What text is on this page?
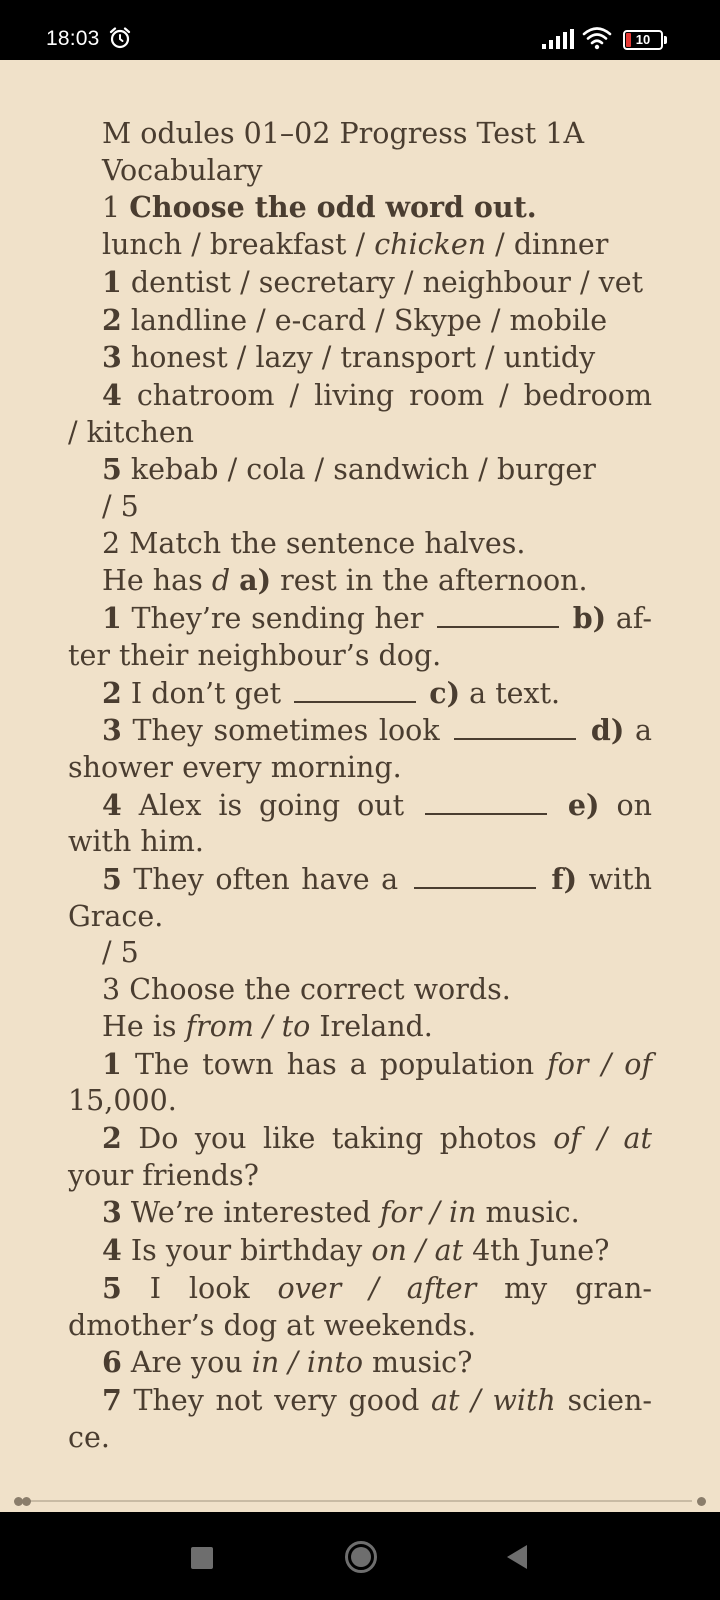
18:03	10
M odules 01–02 Progress Test 1A
Vocabulary
1 Choose the odd word out.
lunch / breakfast / chicken / dinner
1 dentist / secretary / neighbour / vet
2 landline / e-card / Skype / mobile
3 honest / lazy / transport / untidy
4 chatroom / living room / bedroom
/ kitchen
5 kebab / cola / sandwich / burger
/ 5
2 Match the sentence halves.
He has d a) rest in the afternoon.
1 They’re sending her	b) af-
ter their neighbour’s dog.
2 I don’t get	c) a text.
3 They sometimes look	d) a
shower every morning.
4 Alex is going out	e) on
with him.
5 They often have a	f) with
Grace.
/ 5
3 Choose the correct words.
He is from / to Ireland.
1 The town has a population for / of
15,000.
2 Do you like taking photos of / at
your friends?
3 We’re interested for / in music.
4 Is your birthday on / at 4th June?
5 I look over / after my gran-
dmother’s dog at weekends.
6 Are you in / into music?
7 They not very good at / with scien-
ce.
